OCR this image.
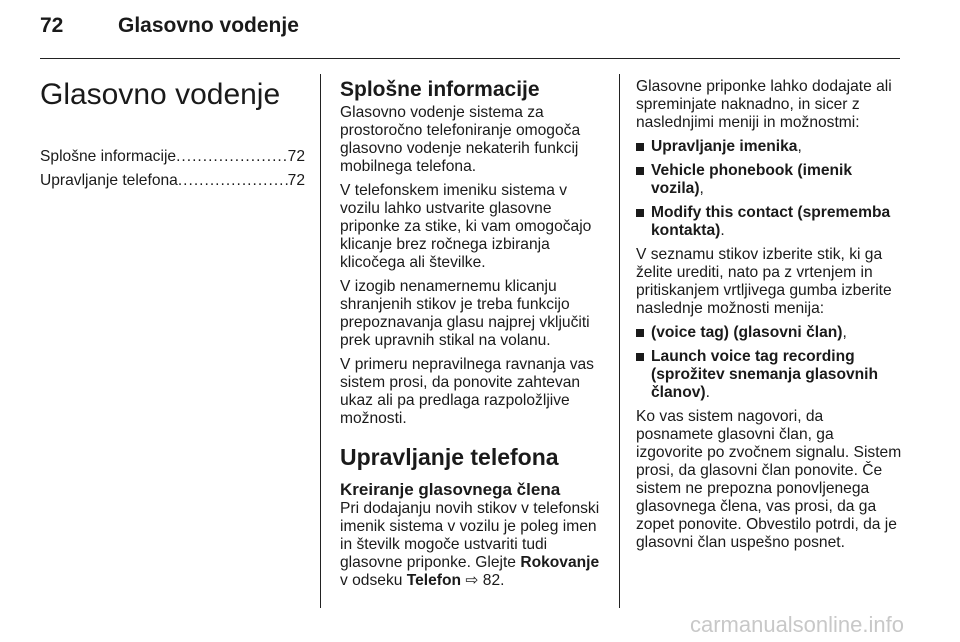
72	Glasovno vodenje
Glasovno vodenje
Splošne informacije .....	72
Upravljanje telefona .....	72
Splošne informacije

Glasovno vodenje sistema za prostoročno telefoniranje omogoča glasovno vodenje nekaterih funkcij mobilnega telefona.

V telefonskem imeniku sistema v vozilu lahko ustvarite glasovne priponke za stike, ki vam omogočajo klicanje brez ročnega izbiranja klicočega ali številke.

V izogib nenamernemu klicanju shranjenih stikov je treba funkcijo prepoznavanja glasu najprej vključiti prek upravnih stikal na volanu.

V primeru nepravilnega ravnanja vas sistem prosi, da ponovite zahtevan ukaz ali pa predlaga razpoložljive možnosti.

Upravljanje telefona
Kreiranje glasovnega člena

Pri dodajanju novih stikov v telefonski imenik sistema v vozilu je poleg imen in številk mogoče ustvariti tudi glasovne priponke. Glejte Rokovanje v odseku Telefon ⇨ 82.

Glasovne priponke lahko dodajate ali spreminjate naknadno, in sicer z naslednjimi meniji in možnostmi:

Upravljanje imenika,
Vehicle phonebook (imenik vozila),
Modify this contact (sprememba kontakta).

V seznamu stikov izberite stik, ki ga želite urediti, nato pa z vrtenjem in pritiskanjem vrtljivega gumba izberite naslednje možnosti menija:

(voice tag) (glasovni član),
Launch voice tag recording (sprožitev snemanja glasovnih članov).

Ko vas sistem nagovori, da posnamete glasovni član, ga izgovorite po zvočnem signalu. Sistem prosi, da glasovni član ponovite. Če sistem ne prepozna ponovljenega glasovnega člena, vas prosi, da ga zopet ponovite. Obvestilo potrdi, da je glasovni član uspešno posnet.

carmanualsonline.info
